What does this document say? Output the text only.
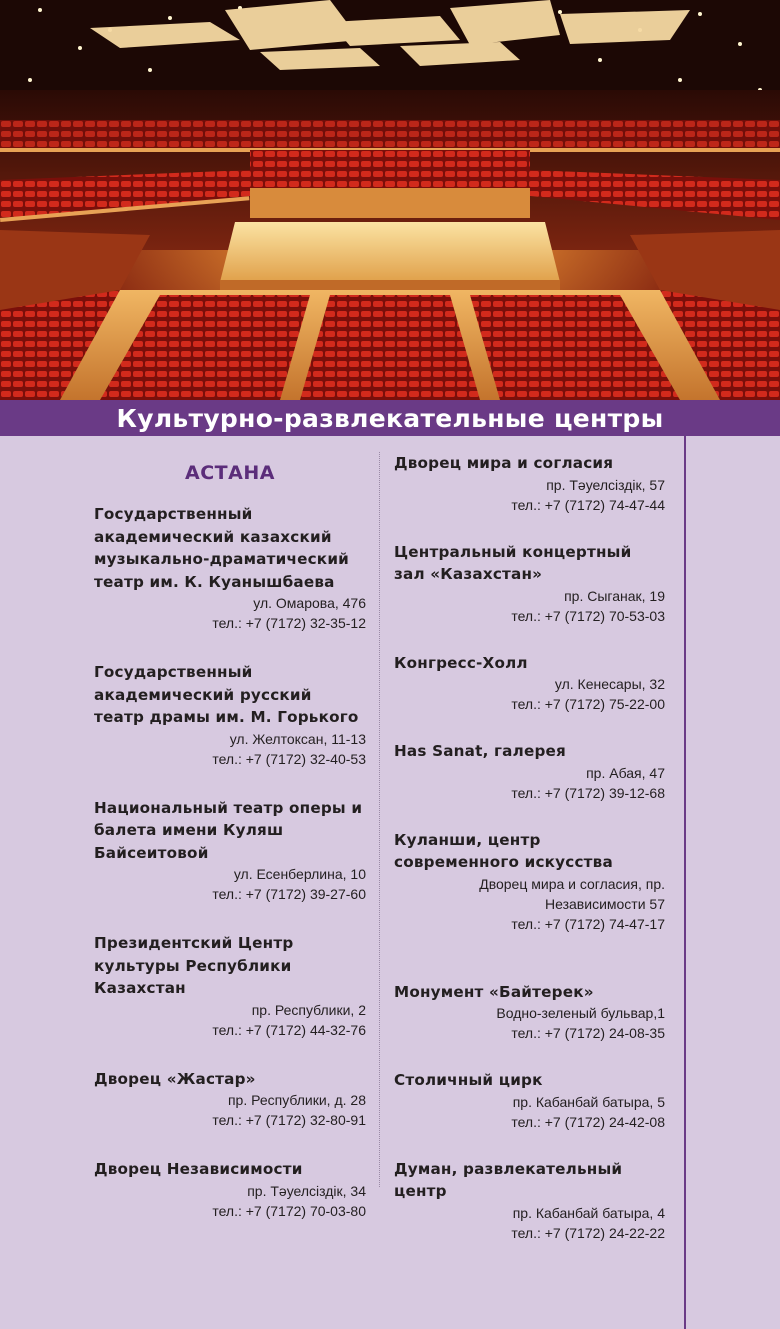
Культурно-развлекательные центры
АСТАНА
Государственный академический казахский музыкально-драматический театр им. К. Куанышбаева
ул. Омарова, 476
тел.: +7 (7172) 32-35-12
Государственный академический русский театр драмы им. М. Горького
ул. Желтоксан, 11-13
тел.: +7 (7172) 32-40-53
Национальный театр оперы и балета имени Куляш Байсеитовой
ул. Есенберлина, 10
тел.: +7 (7172) 39-27-60
Президентский Центр культуры Республики Казахстан
пр. Республики, 2
тел.: +7 (7172) 44-32-76
Дворец «Жастар»
пр. Республики, д. 28
тел.: +7 (7172) 32-80-91
Дворец Независимости
пр. Тәуелсіздік, 34
тел.: +7 (7172) 70-03-80
Дворец мира и согласия
пр. Тәуелсіздік, 57
тел.: +7 (7172) 74-47-44
Центральный концертный зал «Казахстан»
пр. Сыганак, 19
тел.: +7 (7172) 70-53-03
Конгресс-Холл
ул. Кенесары, 32
тел.: +7 (7172) 75-22-00
Has Sanat, галерея
пр. Абая, 47
тел.: +7 (7172) 39-12-68
Куланши, центр современного искусства
Дворец мира и согласия, пр. Независимости 57
тел.: +7 (7172) 74-47-17
Монумент «Байтерек»
Водно-зеленый бульвар,1
тел.: +7 (7172) 24-08-35
Столичный цирк
пр. Кабанбай батыра, 5
тел.: +7 (7172) 24-42-08
Думан, развлекательный центр
пр. Кабанбай батыра, 4
тел.: +7 (7172) 24-22-22
